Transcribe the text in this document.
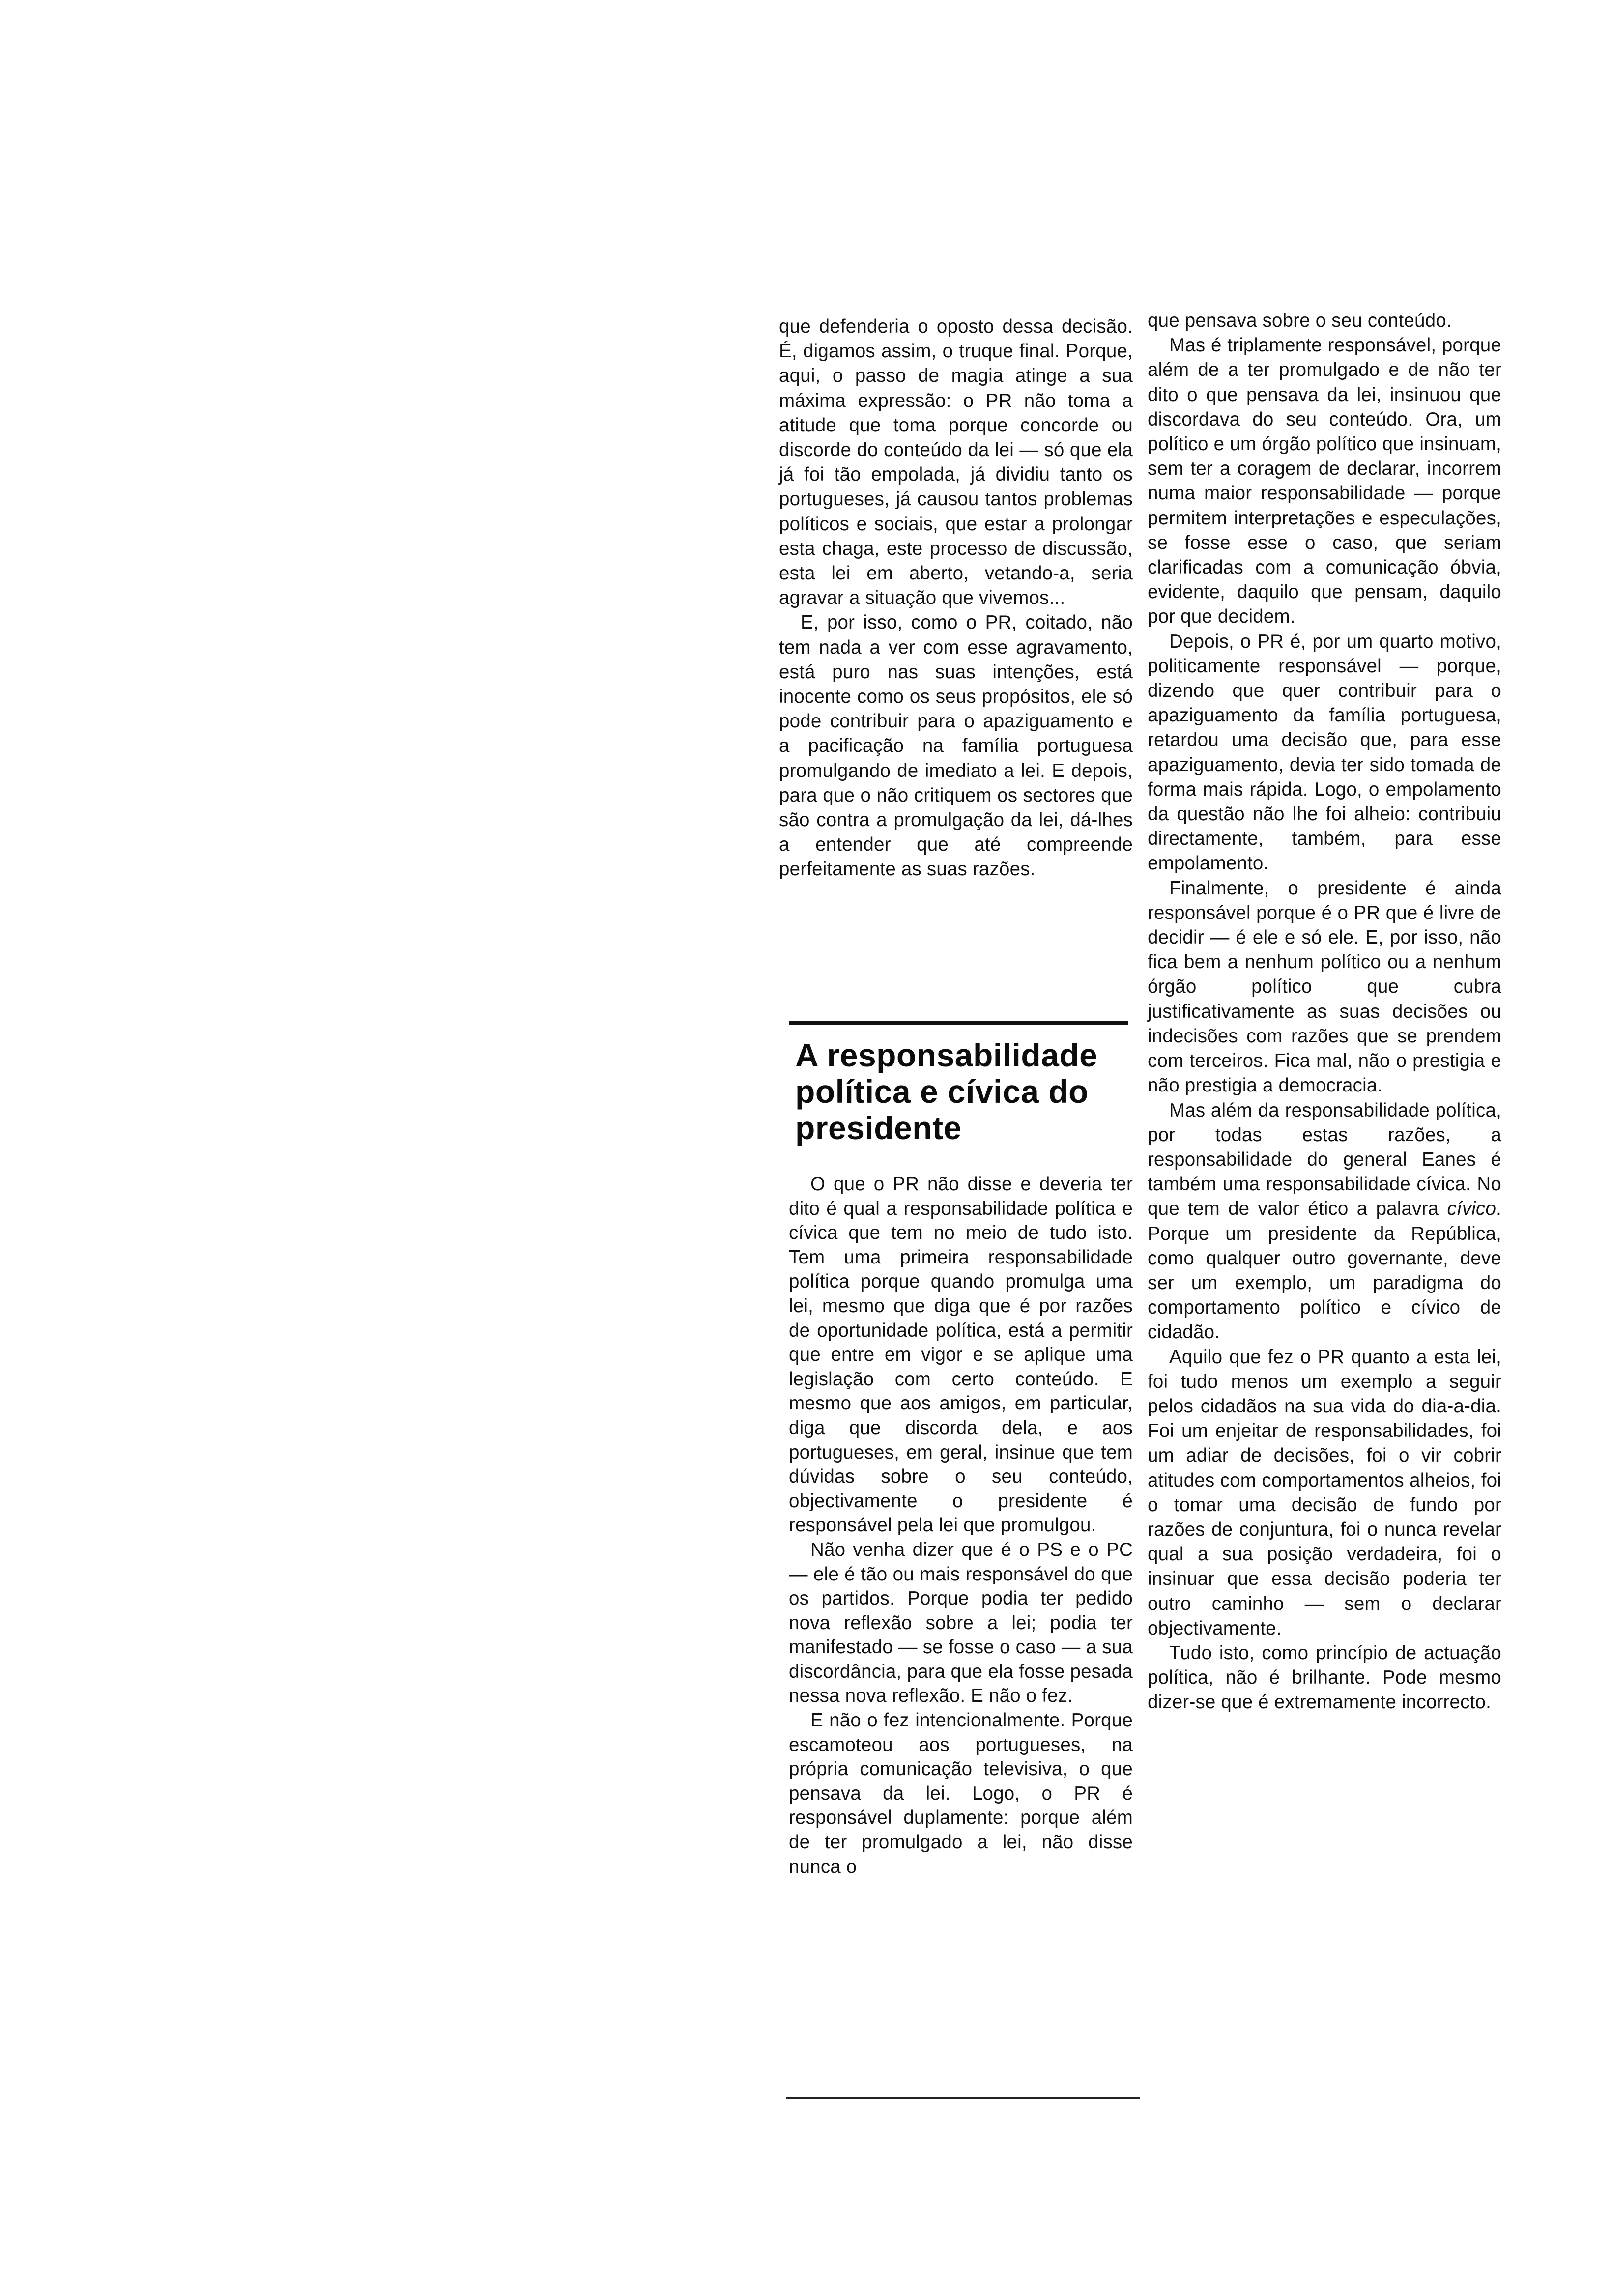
que defenderia o oposto dessa decisão. É, digamos assim, o truque final. Porque, aqui, o passo de magia atinge a sua máxima expressão: o PR não toma a atitude que toma porque concorde ou discorde do conteúdo da lei — só que ela já foi tão empolada, já dividiu tanto os portugueses, já causou tantos problemas políticos e sociais, que estar a prolongar esta chaga, este processo de discussão, esta lei em aberto, vetando-a, seria agravar a situação que vivemos...

E, por isso, como o PR, coitado, não tem nada a ver com esse agravamento, está puro nas suas intenções, está inocente como os seus propósitos, ele só pode contribuir para o apaziguamento e a pacificação na família portuguesa promulgando de imediato a lei. E depois, para que o não critiquem os sectores que são contra a promulgação da lei, dá-lhes a entender que até compreende perfeitamente as suas razões.

A responsabilidade política e cívica do presidente

O que o PR não disse e deveria ter dito é qual a responsabilidade política e cívica que tem no meio de tudo isto. Tem uma primeira responsabilidade política porque quando promulga uma lei, mesmo que diga que é por razões de oportunidade política, está a permitir que entre em vigor e se aplique uma legislação com certo conteúdo. E mesmo que aos amigos, em particular, diga que discorda dela, e aos portugueses, em geral, insinue que tem dúvidas sobre o seu conteúdo, objectivamente o presidente é responsável pela lei que promulgou.

Não venha dizer que é o PS e o PC — ele é tão ou mais responsável do que os partidos. Porque podia ter pedido nova reflexão sobre a lei; podia ter manifestado — se fosse o caso — a sua discordância, para que ela fosse pesada nessa nova reflexão. E não o fez.

E não o fez intencionalmente. Porque escamoteou aos portugueses, na própria comunicação televisiva, o que pensava da lei. Logo, o PR é responsável duplamente: porque além de ter promulgado a lei, não disse nunca o

que pensava sobre o seu conteúdo.

Mas é triplamente responsável, porque além de a ter promulgado e de não ter dito o que pensava da lei, insinuou que discordava do seu conteúdo. Ora, um político e um órgão político que insinuam, sem ter a coragem de declarar, incorrem numa maior responsabilidade — porque permitem interpretações e especulações, se fosse esse o caso, que seriam clarificadas com a comunicação óbvia, evidente, daquilo que pensam, daquilo por que decidem.

Depois, o PR é, por um quarto motivo, politicamente responsável — porque, dizendo que quer contribuir para o apaziguamento da família portuguesa, retardou uma decisão que, para esse apaziguamento, devia ter sido tomada de forma mais rápida. Logo, o empolamento da questão não lhe foi alheio: contribuiu directamente, também, para esse empolamento.

Finalmente, o presidente é ainda responsável porque é o PR que é livre de decidir — é ele e só ele. E, por isso, não fica bem a nenhum político ou a nenhum órgão político que cubra justificativamente as suas decisões ou indecisões com razões que se prendem com terceiros. Fica mal, não o prestigia e não prestigia a democracia.

Mas além da responsabilidade política, por todas estas razões, a responsabilidade do general Eanes é também uma responsabilidade cívica. No que tem de valor ético a palavra cívico. Porque um presidente da República, como qualquer outro governante, deve ser um exemplo, um paradigma do comportamento político e cívico de cidadão.

Aquilo que fez o PR quanto a esta lei, foi tudo menos um exemplo a seguir pelos cidadãos na sua vida do dia-a-dia. Foi um enjeitar de responsabilidades, foi um adiar de decisões, foi o vir cobrir atitudes com comportamentos alheios, foi o tomar uma decisão de fundo por razões de conjuntura, foi o nunca revelar qual a sua posição verdadeira, foi o insinuar que essa decisão poderia ter outro caminho — sem o declarar objectivamente.

Tudo isto, como princípio de actuação política, não é brilhante. Pode mesmo dizer-se que é extremamente incorrecto.
